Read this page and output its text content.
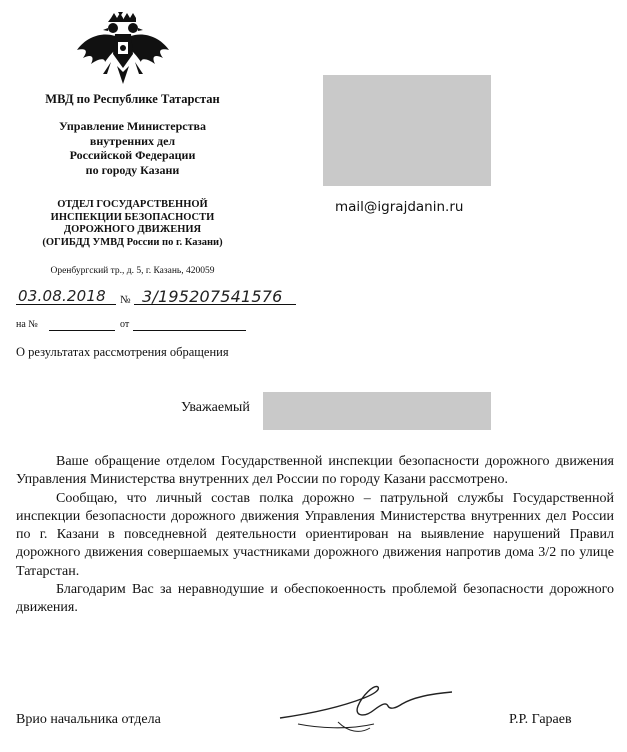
МВД по Республике Татарстан
Управление Министерства
внутренних дел
Российской Федерации
по городу Казани
ОТДЕЛ ГОСУДАРСТВЕННОЙ
ИНСПЕКЦИИ БЕЗОПАСНОСТИ
ДОРОЖНОГО ДВИЖЕНИЯ
(ОГИБДД УМВД России по г. Казани)
Оренбургский тр., д. 5, г. Казань, 420059
mail@igrajdanin.ru
03.08.2018 № 3/195207541576
на №	от
О результатах рассмотрения обращения
Уважаемый

Ваше обращение отделом Государственной инспекции безопасности дорожного движения Управления Министерства внутренних дел России по городу Казани рассмотрено.

Сообщаю, что личный состав полка дорожно – патрульной службы Государственной инспекции безопасности дорожного движения Управления Министерства внутренних дел России по г. Казани в повседневной деятельности ориентирован на выявление нарушений Правил дорожного движения совершаемых участниками дорожного движения напротив дома 3/2 по улице Татарстан.

Благодарим Вас за неравнодушие и обеспокоенность проблемой безопасности дорожного движения.

Врио начальника отдела	Р.Р. Гараев
